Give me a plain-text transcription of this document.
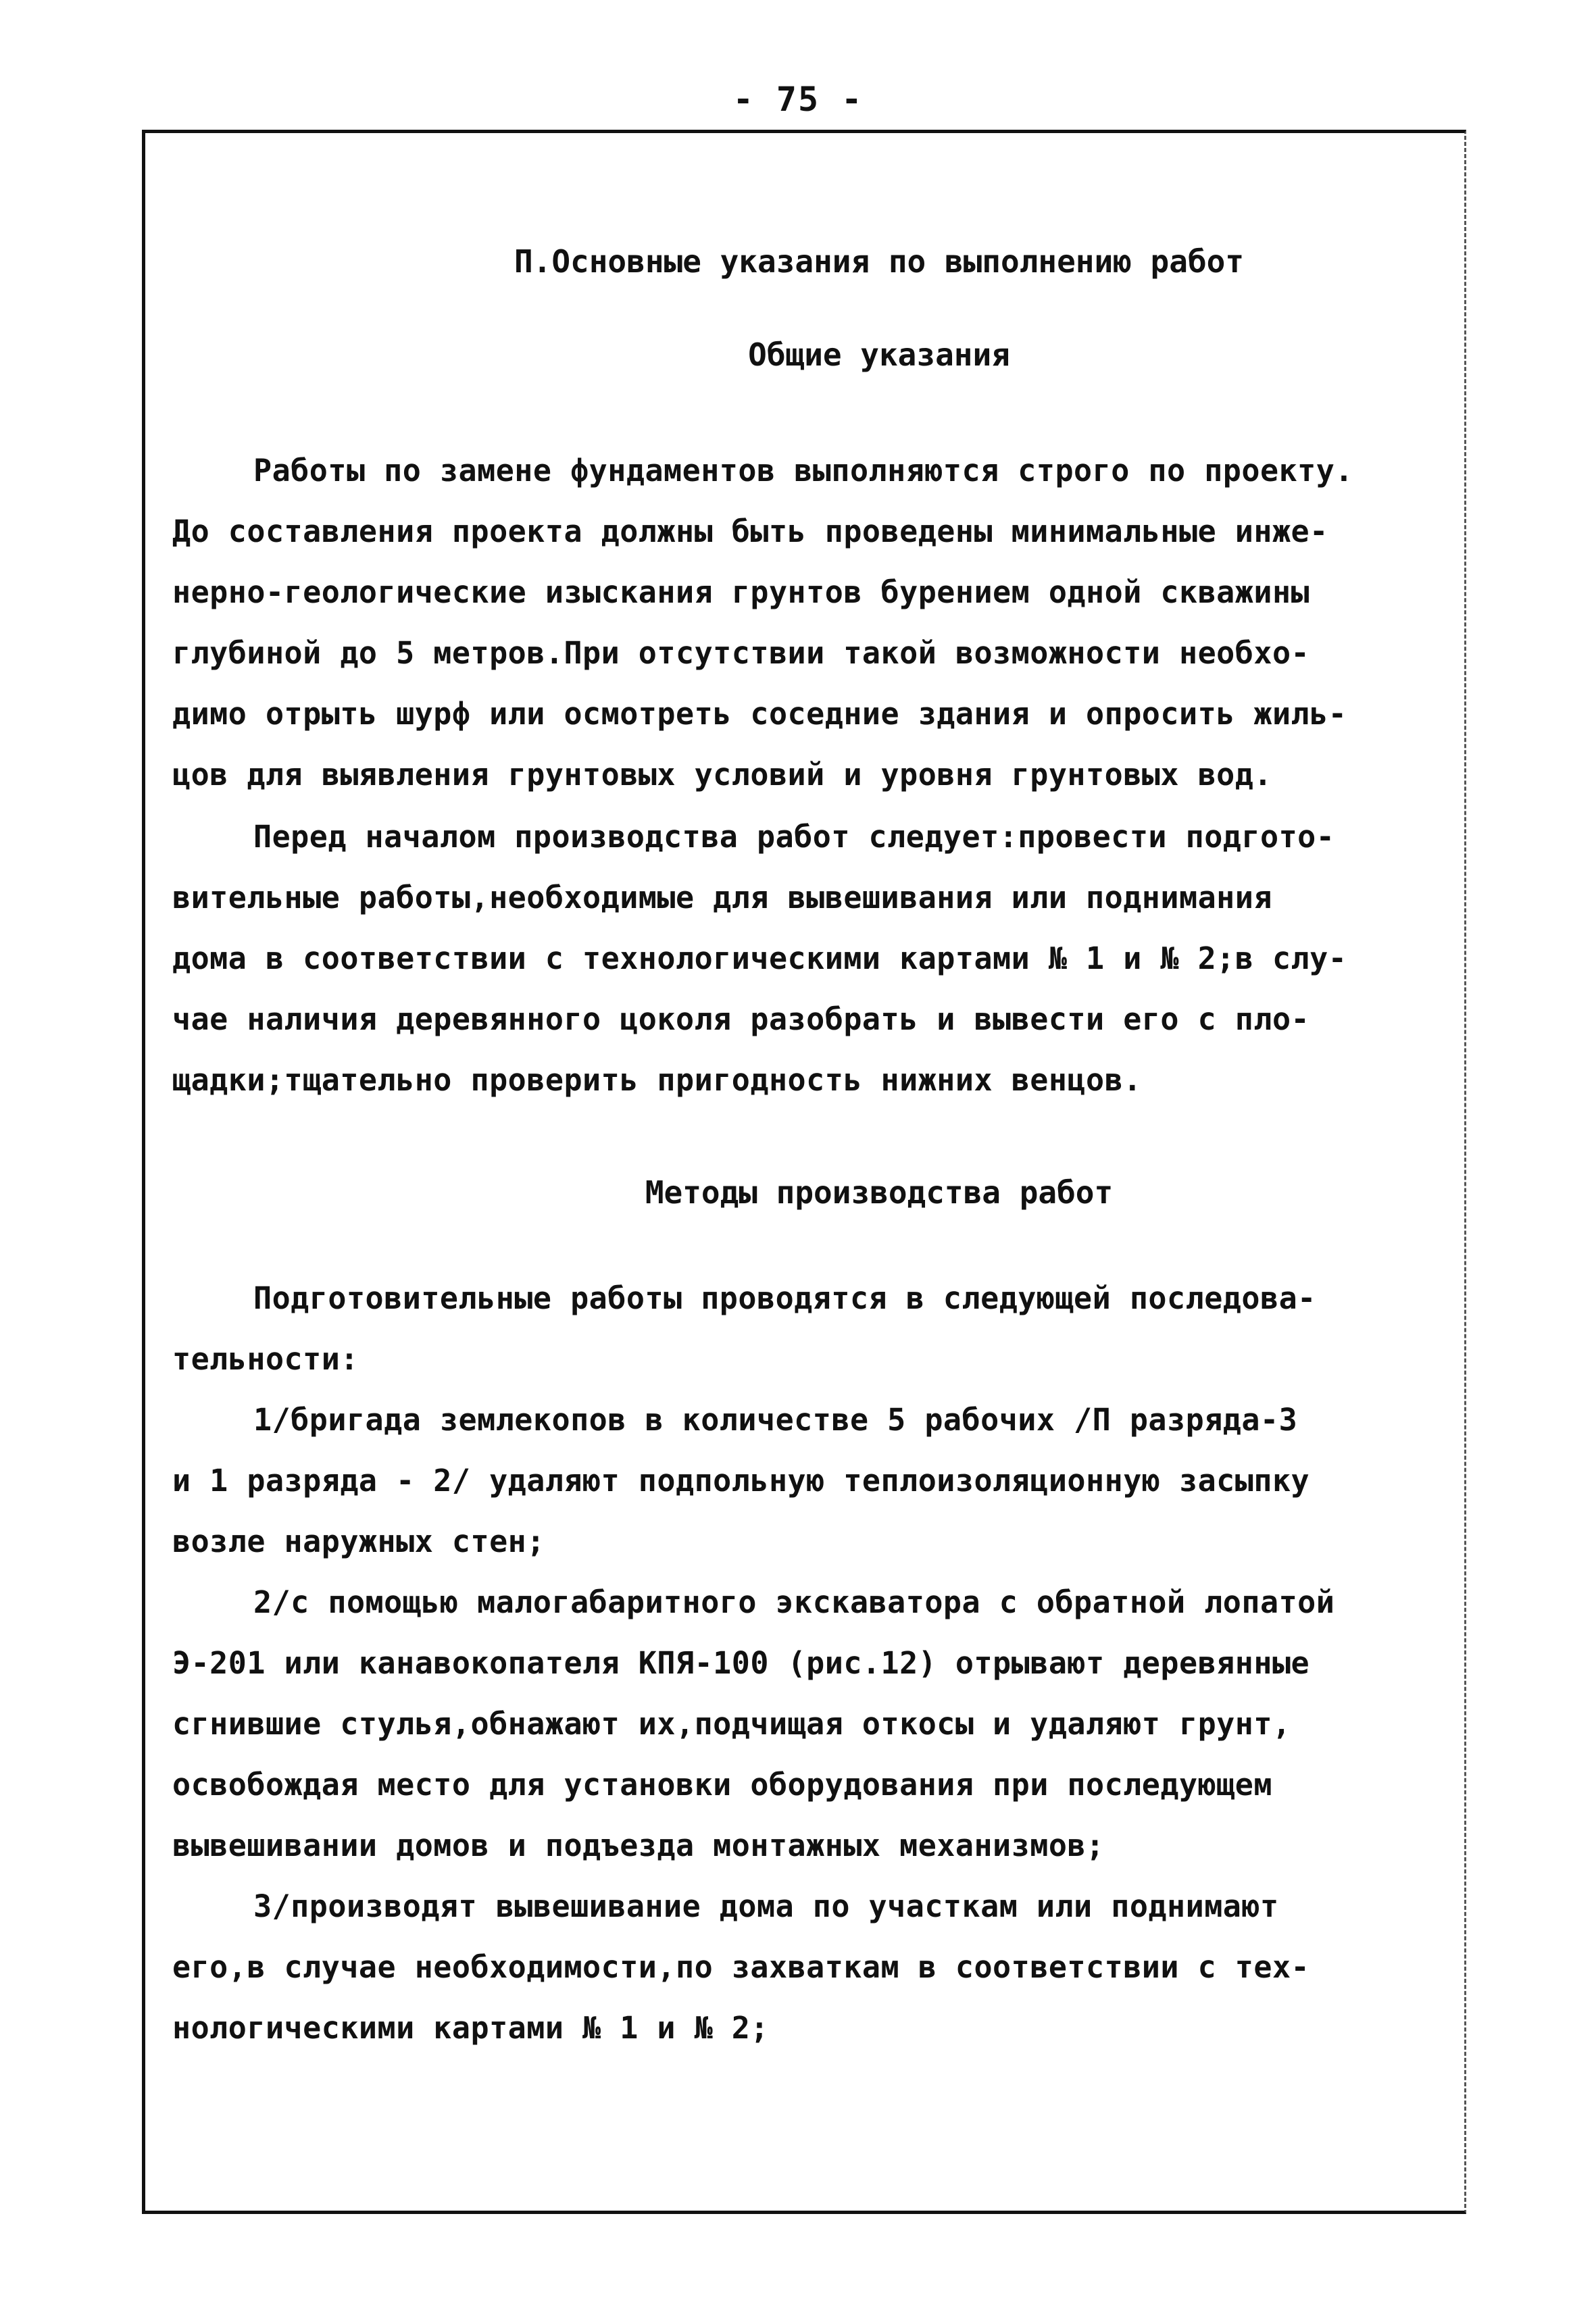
- 75 -
П.Основные указания по выполнению работ
Общие указания
Работы по замене фундаментов выполняются строго по проекту.
До составления проекта должны быть проведены минимальные инже-
нерно-геологические изыскания грунтов бурением одной скважины
глубиной до 5 метров.При отсутствии такой возможности необхо-
димо отрыть шурф или осмотреть соседние здания и опросить жиль-
цов для выявления грунтовых условий и уровня грунтовых вод.
Перед началом производства работ следует:провести подгото-
вительные работы,необходимые для вывешивания или поднимания
дома в соответствии с технологическими картами № 1 и № 2;в слу-
чае наличия деревянного цоколя разобрать и вывести его с пло-
щадки;тщательно проверить пригодность нижних венцов.
Методы производства работ
Подготовительные работы проводятся в следующей последова-
тельности:
1/бригада землекопов в количестве 5 рабочих /П разряда-3
и 1 разряда - 2/ удаляют подпольную теплоизоляционную засыпку
возле наружных стен;
2/с помощью малогабаритного экскаватора с обратной лопатой
Э-201 или канавокопателя КПЯ-100 (рис.12) отрывают деревянные
сгнившие стулья,обнажают их,подчищая откосы и удаляют грунт,
освобождая место для установки оборудования при последующем
вывешивании домов и подъезда монтажных механизмов;
3/производят вывешивание дома по участкам или поднимают
его,в случае необходимости,по захваткам в соответствии с тех-
нологическими картами № 1 и № 2;
